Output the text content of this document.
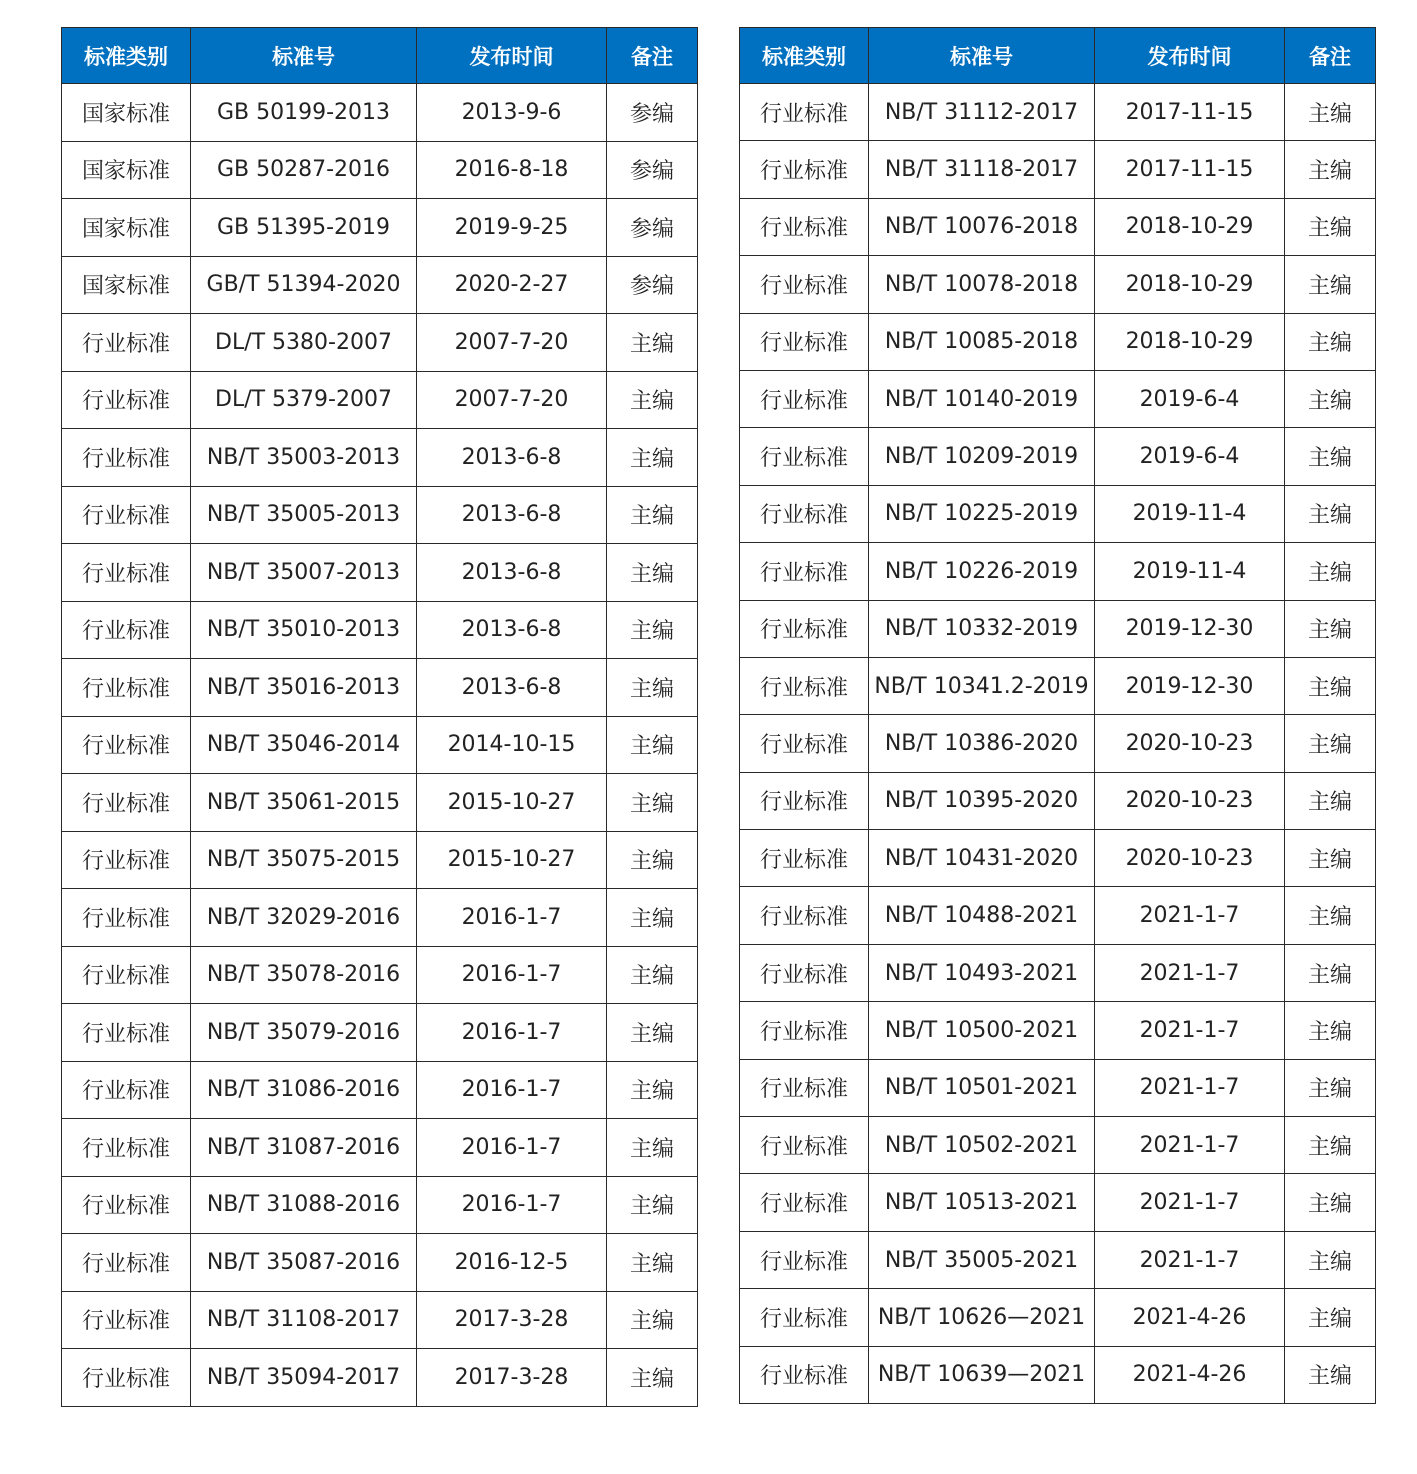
标准类别	标准号	发布时间	备注
国家标准	GB 50199-2013	2013-9-6	参编
国家标准	GB 50287-2016	2016-8-18	参编
国家标准	GB 51395-2019	2019-9-25	参编
国家标准	GB/T 51394-2020	2020-2-27	参编
行业标准	DL/T 5380-2007	2007-7-20	主编
行业标准	DL/T 5379-2007	2007-7-20	主编
行业标准	NB/T 35003-2013	2013-6-8	主编
行业标准	NB/T 35005-2013	2013-6-8	主编
行业标准	NB/T 35007-2013	2013-6-8	主编
行业标准	NB/T 35010-2013	2013-6-8	主编
行业标准	NB/T 35016-2013	2013-6-8	主编
行业标准	NB/T 35046-2014	2014-10-15	主编
行业标准	NB/T 35061-2015	2015-10-27	主编
行业标准	NB/T 35075-2015	2015-10-27	主编
行业标准	NB/T 32029-2016	2016-1-7	主编
行业标准	NB/T 35078-2016	2016-1-7	主编
行业标准	NB/T 35079-2016	2016-1-7	主编
行业标准	NB/T 31086-2016	2016-1-7	主编
行业标准	NB/T 31087-2016	2016-1-7	主编
行业标准	NB/T 31088-2016	2016-1-7	主编
行业标准	NB/T 35087-2016	2016-12-5	主编
行业标准	NB/T 31108-2017	2017-3-28	主编
行业标准	NB/T 35094-2017	2017-3-28	主编
标准类别	标准号	发布时间	备注
行业标准	NB/T 31112-2017	2017-11-15	主编
行业标准	NB/T 31118-2017	2017-11-15	主编
行业标准	NB/T 10076-2018	2018-10-29	主编
行业标准	NB/T 10078-2018	2018-10-29	主编
行业标准	NB/T 10085-2018	2018-10-29	主编
行业标准	NB/T 10140-2019	2019-6-4	主编
行业标准	NB/T 10209-2019	2019-6-4	主编
行业标准	NB/T 10225-2019	2019-11-4	主编
行业标准	NB/T 10226-2019	2019-11-4	主编
行业标准	NB/T 10332-2019	2019-12-30	主编
行业标准	NB/T 10341.2-2019	2019-12-30	主编
行业标准	NB/T 10386-2020	2020-10-23	主编
行业标准	NB/T 10395-2020	2020-10-23	主编
行业标准	NB/T 10431-2020	2020-10-23	主编
行业标准	NB/T 10488-2021	2021-1-7	主编
行业标准	NB/T 10493-2021	2021-1-7	主编
行业标准	NB/T 10500-2021	2021-1-7	主编
行业标准	NB/T 10501-2021	2021-1-7	主编
行业标准	NB/T 10502-2021	2021-1-7	主编
行业标准	NB/T 10513-2021	2021-1-7	主编
行业标准	NB/T 35005-2021	2021-1-7	主编
行业标准	NB/T 10626—2021	2021-4-26	主编
行业标准	NB/T 10639—2021	2021-4-26	主编
